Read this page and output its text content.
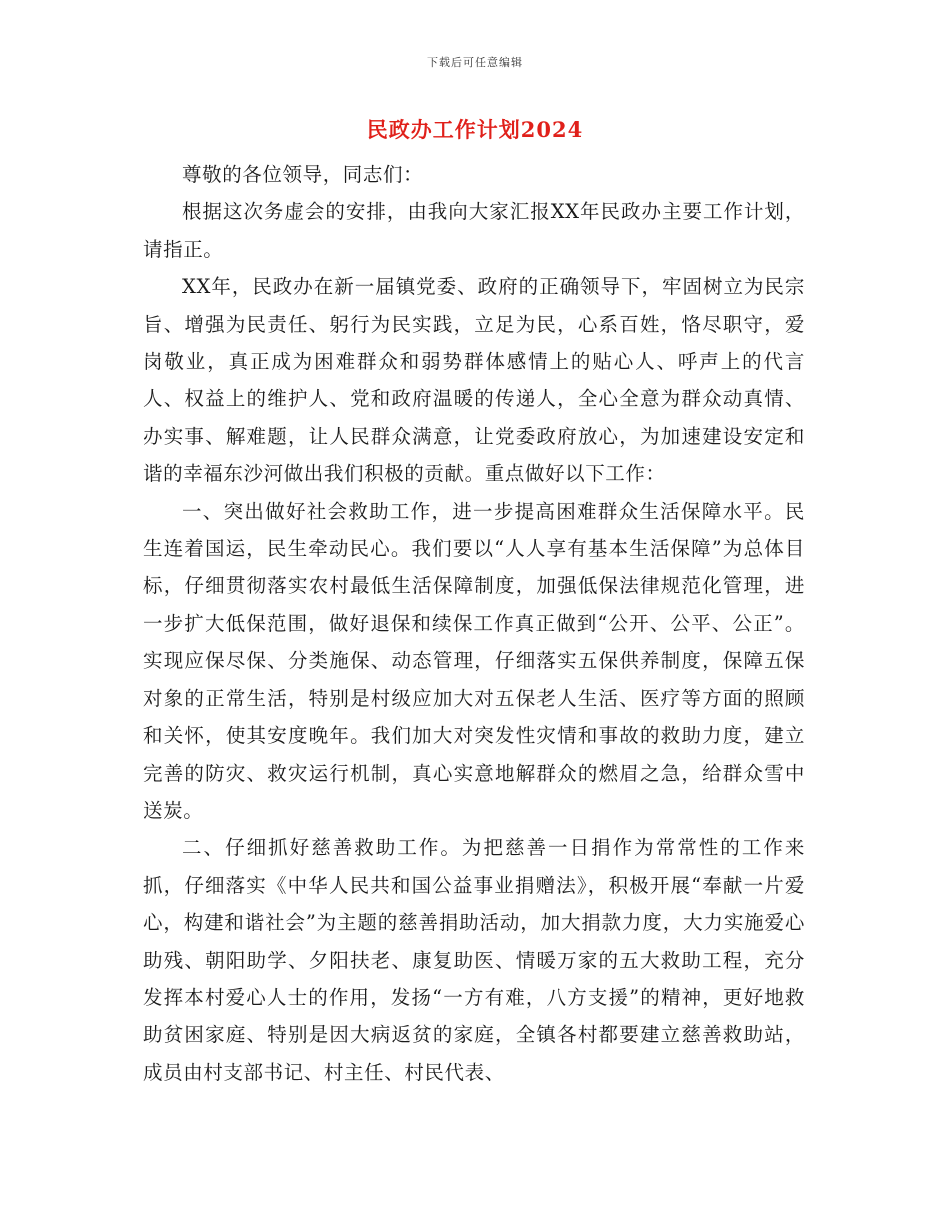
下载后可任意编辑
民政办工作计划2024

尊敬的各位领导，同志们：

根据这次务虚会的安排，由我向大家汇报XX年民政办主要工作计划，请指正。

XX年，民政办在新一届镇党委、政府的正确领导下，牢固树立为民宗旨、增强为民责任、躬行为民实践，立足为民，心系百姓，恪尽职守，爱岗敬业，真正成为困难群众和弱势群体感情上的贴心人、呼声上的代言人、权益上的维护人、党和政府温暖的传递人，全心全意为群众动真情、办实事、解难题，让人民群众满意，让党委政府放心，为加速建设安定和谐的幸福东沙河做出我们积极的贡献。重点做好以下工作：

一、突出做好社会救助工作，进一步提高困难群众生活保障水平。民生连着国运，民生牵动民心。我们要以“人人享有基本生活保障”为总体目标，仔细贯彻落实农村最低生活保障制度，加强低保法律规范化管理，进一步扩大低保范围，做好退保和续保工作真正做到“公开、公平、公正”。实现应保尽保、分类施保、动态管理，仔细落实五保供养制度，保障五保对象的正常生活，特别是村级应加大对五保老人生活、医疗等方面的照顾和关怀，使其安度晚年。我们加大对突发性灾情和事故的救助力度，建立完善的防灾、救灾运行机制，真心实意地解群众的燃眉之急，给群众雪中送炭。

二、仔细抓好慈善救助工作。为把慈善一日捐作为常常性的工作来抓，仔细落实《中华人民共和国公益事业捐赠法》，积极开展“奉献一片爱心，构建和谐社会”为主题的慈善捐助活动，加大捐款力度，大力实施爱心助残、朝阳助学、夕阳扶老、康复助医、情暖万家的五大救助工程，充分发挥本村爱心人士的作用，发扬“一方有难，八方支援”的精神，更好地救助贫困家庭、特别是因大病返贫的家庭，全镇各村都要建立慈善救助站，成员由村支部书记、村主任、村民代表、
